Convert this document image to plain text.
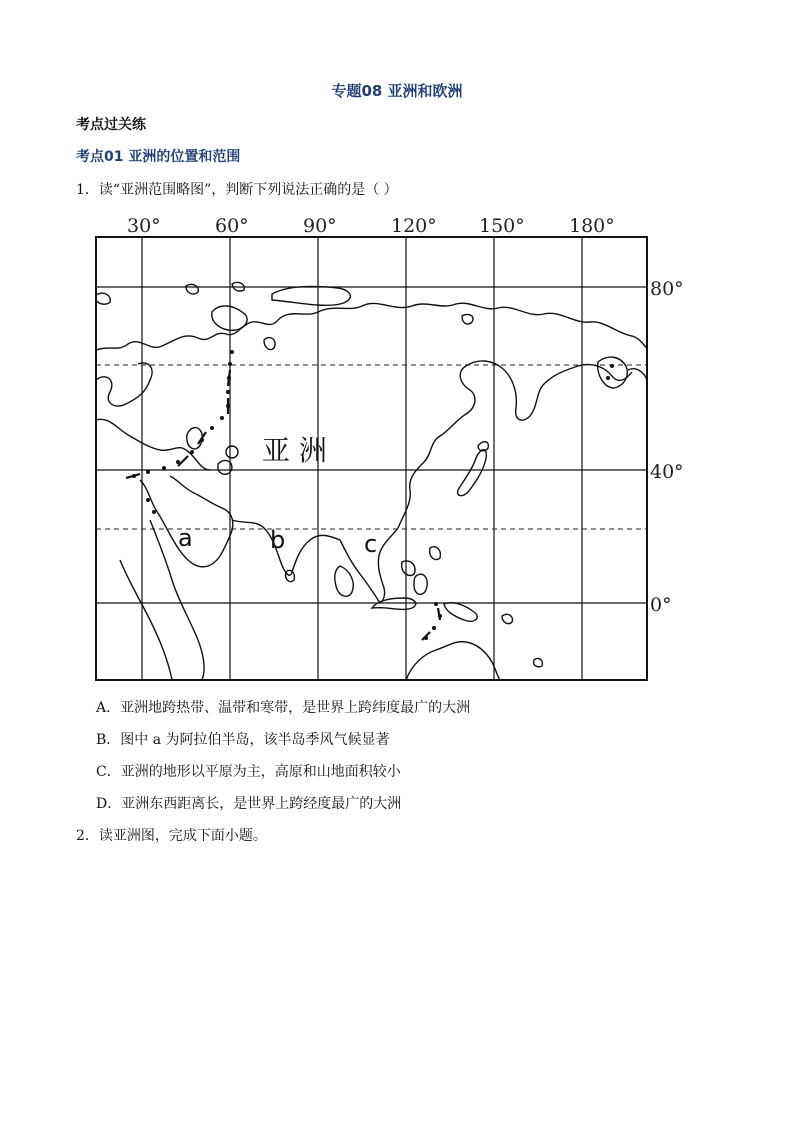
专题08 亚洲和欧洲
考点过关练
考点01 亚洲的位置和范围
1．读“亚洲范围略图”，判断下列说法正确的是（ ）
30°	60°	90°	120° 150° 180°
80°
40°
0°
亚 洲
a	b	c
A．亚洲地跨热带、温带和寒带，是世界上跨纬度最广的大洲
B．图中 a 为阿拉伯半岛，该半岛季风气候显著
C．亚洲的地形以平原为主，高原和山地面积较小
D．亚洲东西距离长，是世界上跨经度最广的大洲
2．读亚洲图，完成下面小题。
